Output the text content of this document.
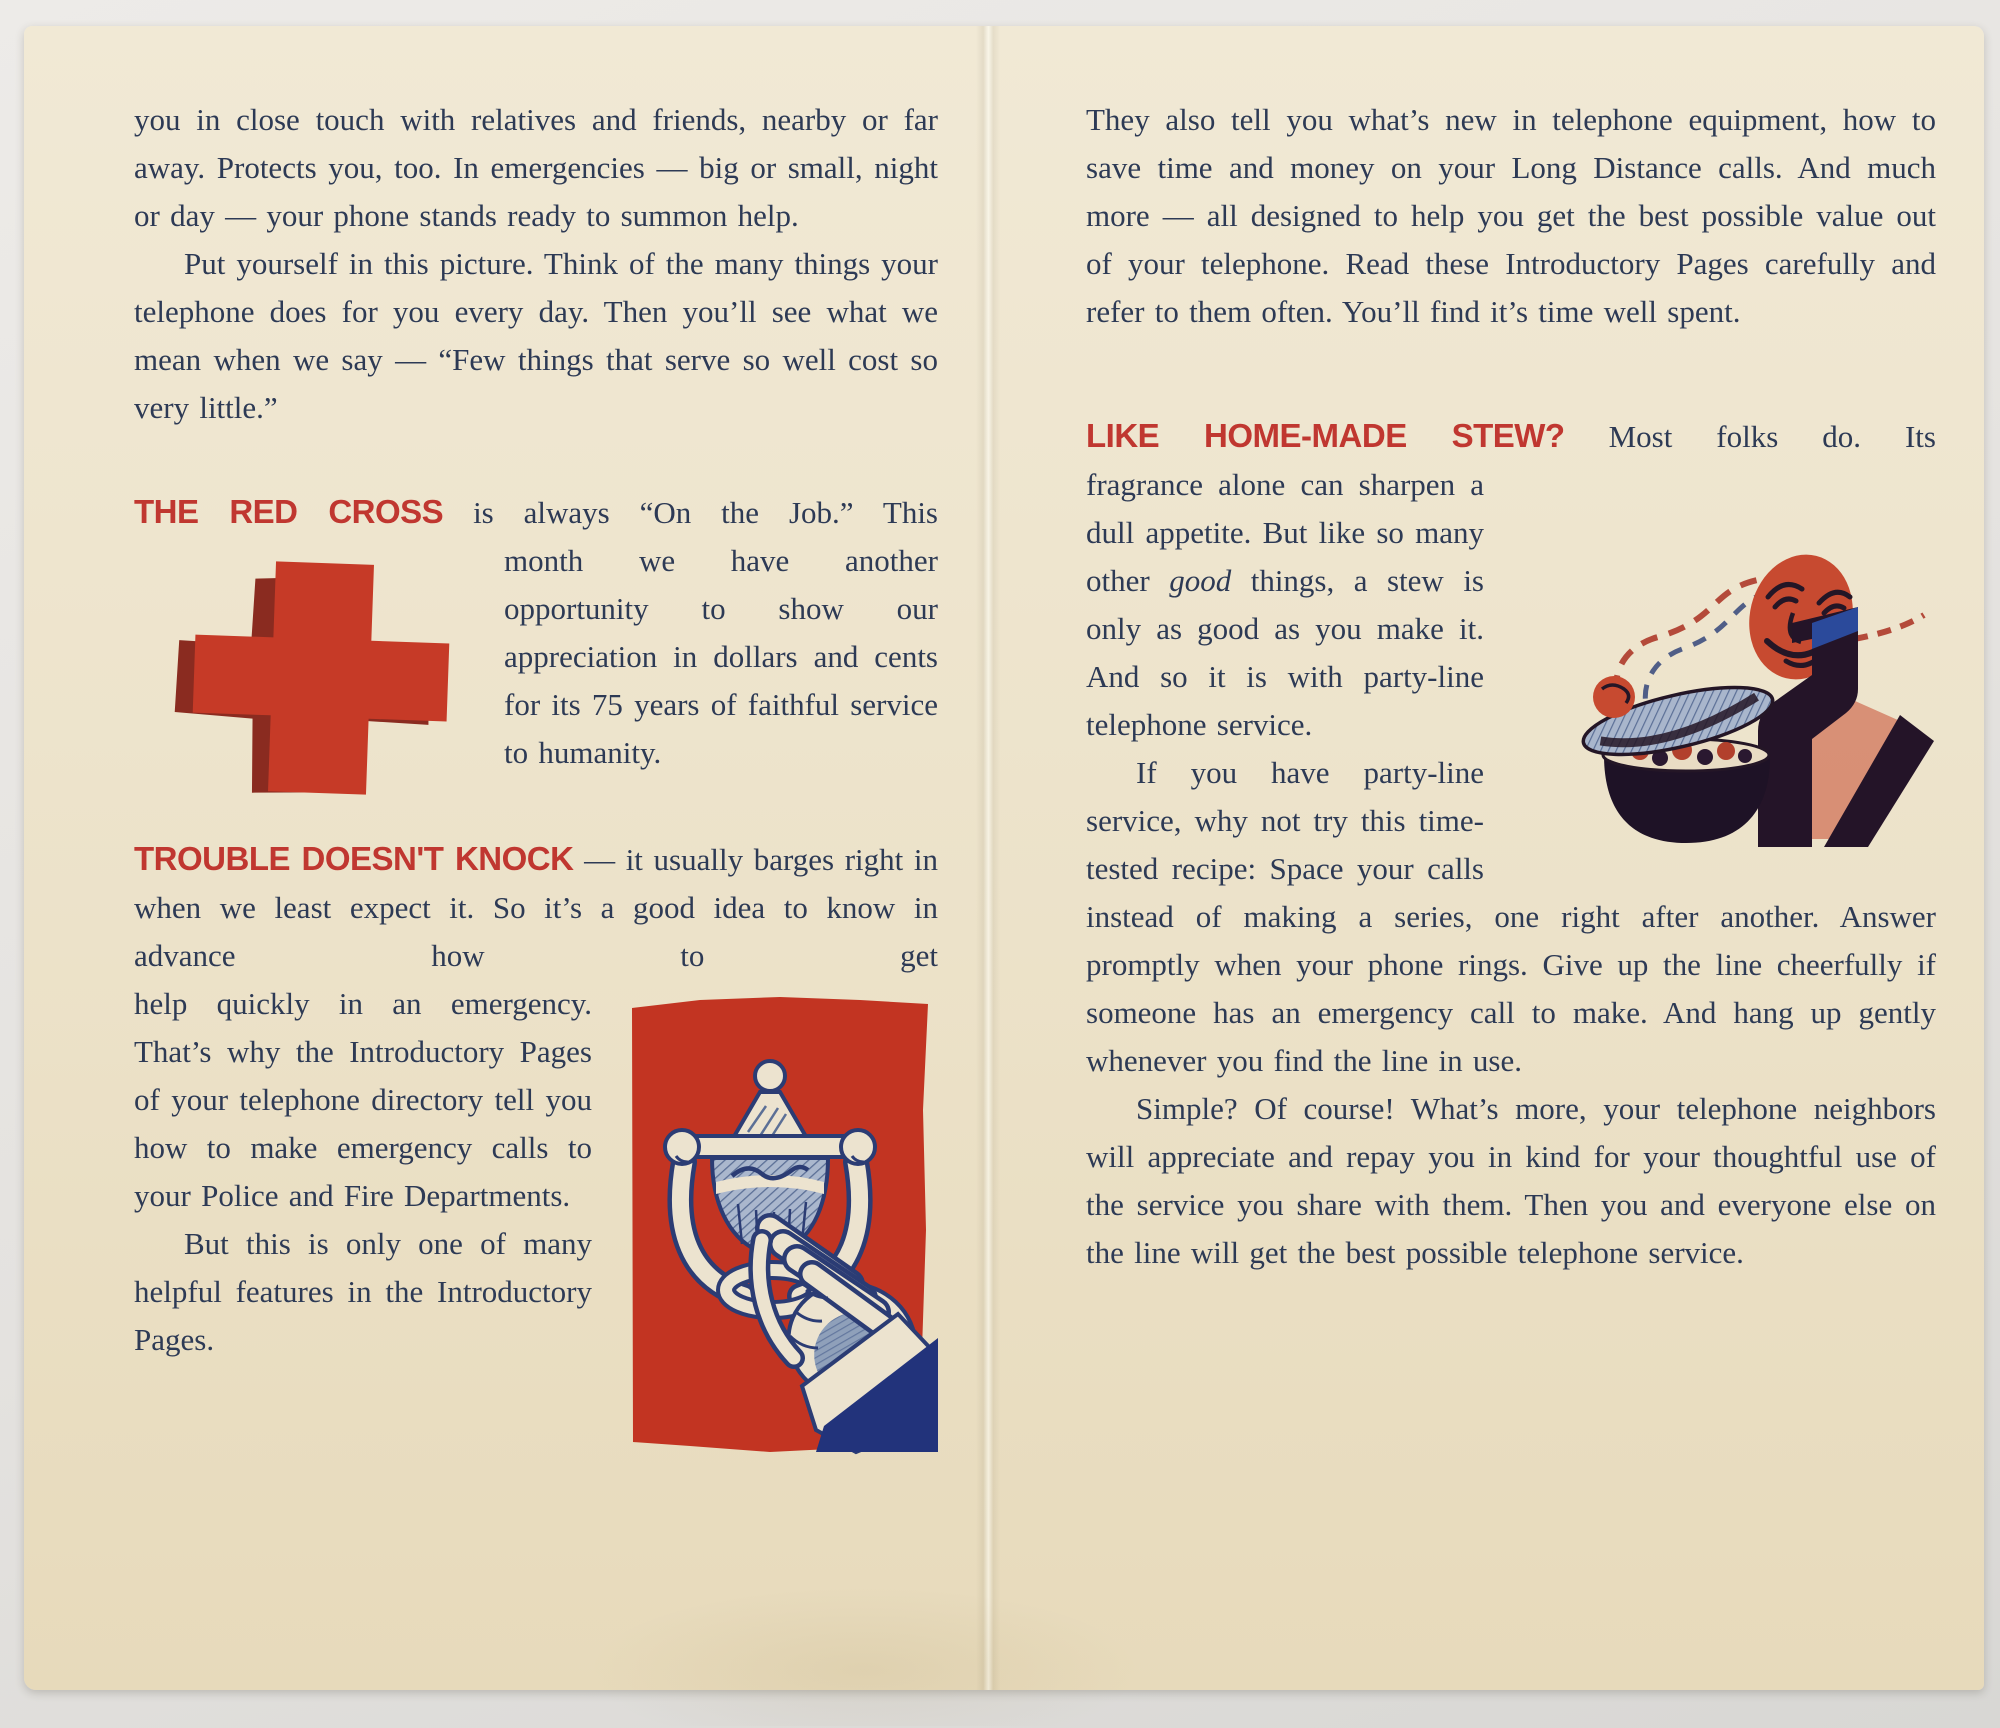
you in close touch with relatives and friends, nearby or far away. Protects you, too. In emergencies — big or small, night or day — your phone stands ready to summon help.

Put yourself in this picture. Think of the many things your telephone does for you every day. Then you’ll see what we mean when we say — “Few things that serve so well cost so very little.”

THE RED CROSS is always “On the Job.” This

month we have another opportunity to show our appreciation in dollars and cents for its 75 years of faithful service to humanity.

TROUBLE DOESN'T KNOCK — it usually barges right in when we least expect it. So it’s a good idea to know in advance how to get

help quickly in an emergency. That’s why the Introductory Pages of your telephone directory tell you how to make emergency calls to your Police and Fire Departments.

But this is only one of many helpful features in the Introductory Pages.

They also tell you what’s new in telephone equipment, how to save time and money on your Long Distance calls. And much more — all designed to help you get the best possible value out of your telephone. Read these Introductory Pages carefully and refer to them often. You’ll find it’s time well spent.

LIKE HOME-MADE STEW? Most folks do. Its

fragrance alone can sharpen a dull appetite. But like so many other good things, a stew is only as good as you make it. And so it is with party-line telephone service.

If you have party-line service, why not try this time-tested recipe: Space your calls instead of making a series, one right after another. Answer promptly when your phone rings. Give up the line cheerfully if someone has an emergency call to make. And hang up gently whenever you find the line in use.

Simple? Of course! What’s more, your telephone neighbors will appreciate and repay you in kind for your thoughtful use of the service you share with them. Then you and everyone else on the line will get the best possible telephone service.
